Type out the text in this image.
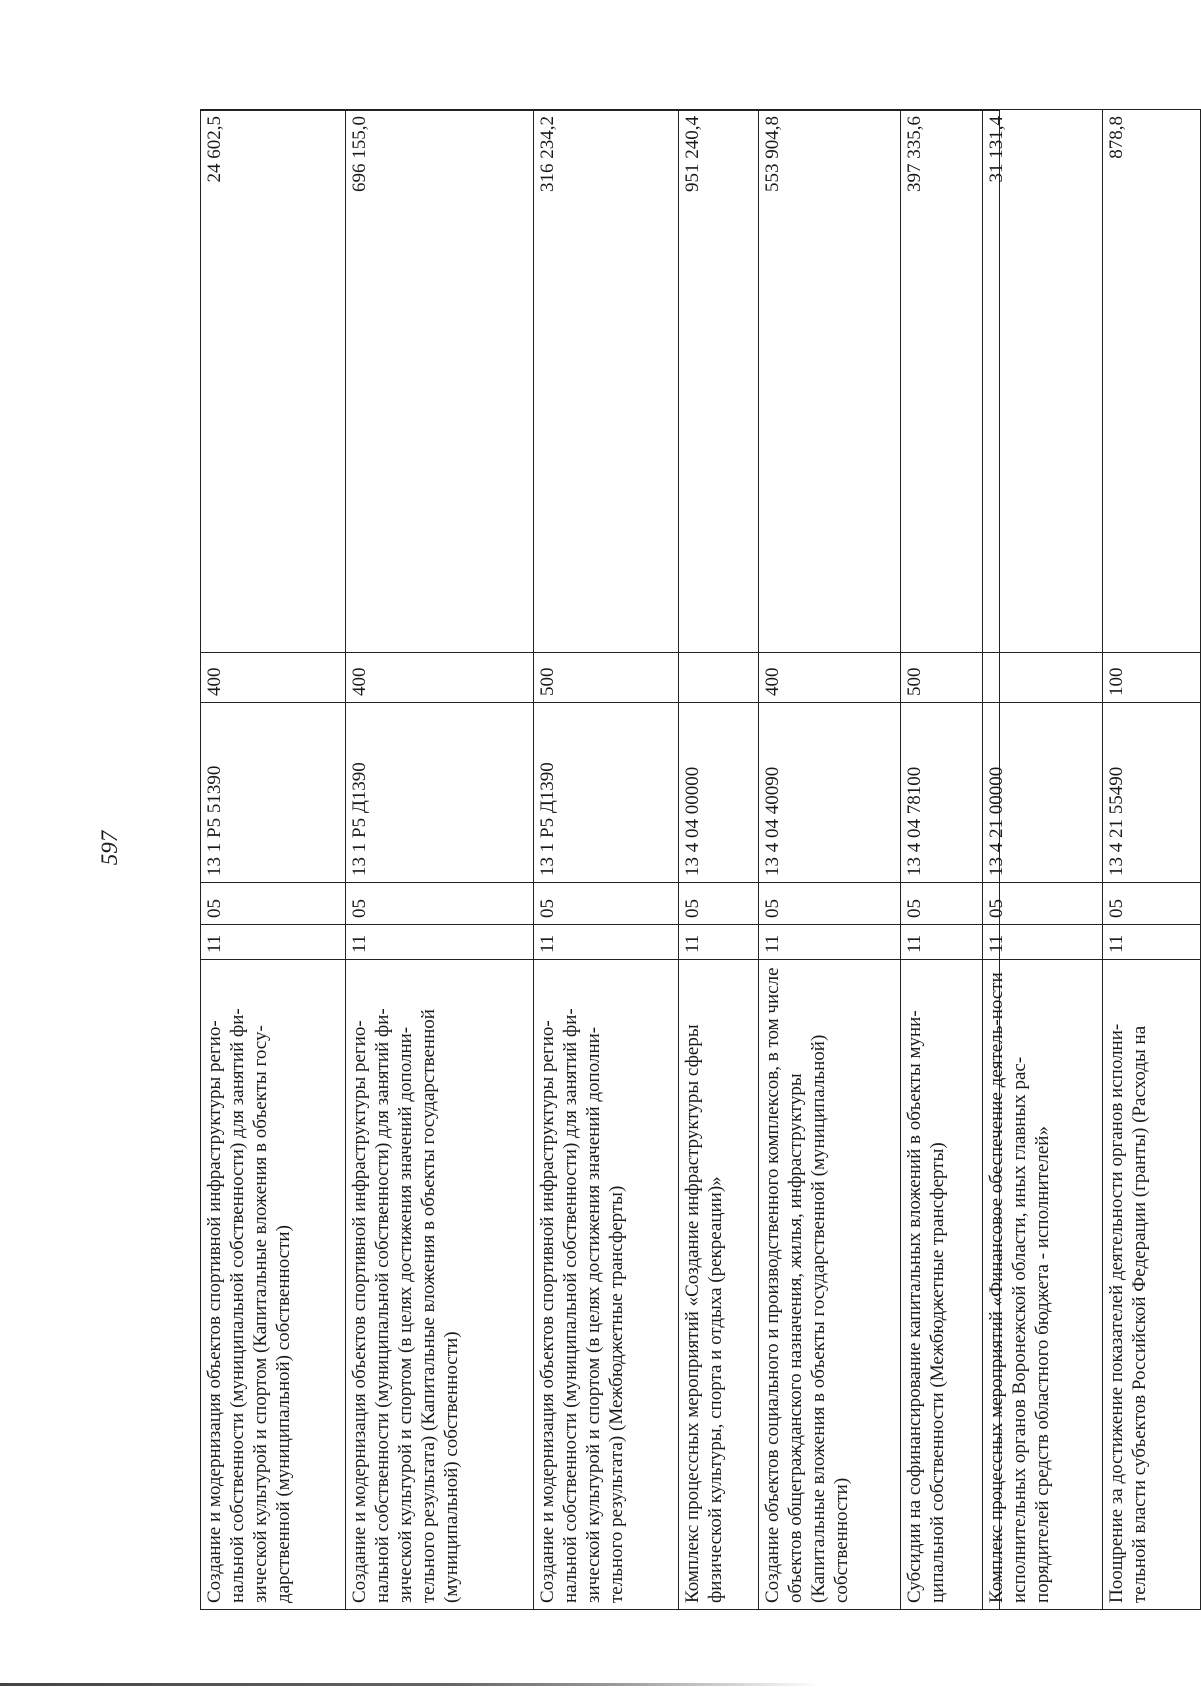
597
Создание и модернизация объектов спортивной инфраструктуры регио-нальной собственности (муниципальной собственности) для занятий фи-зической культурой и спортом (Капитальные вложения в объекты госу-дарственной (муниципальной) собственности)	11	05	13 1 P5 51390	400	24 602,5
Создание и модернизация объектов спортивной инфраструктуры регио-нальной собственности (муниципальной собственности) для занятий фи-зической культурой и спортом (в целях достижения значений дополни-тельного результата) (Капитальные вложения в объекты государственной (муниципальной) собственности)	11	05	13 1 P5 Д1390	400	696 155,0
Создание и модернизация объектов спортивной инфраструктуры регио-нальной собственности (муниципальной собственности) для занятий фи-зической культурой и спортом (в целях достижения значений дополни-тельного результата) (Межбюджетные трансферты)	11	05	13 1 P5 Д1390	500	316 234,2
Комплекс процессных мероприятий «Создание инфраструктуры сферы физической культуры, спорта и отдыха (рекреации)»	11	05	13 4 04 00000		951 240,4
Создание объектов социального и производственного комплексов, в том числе объектов общегражданского назначения, жилья, инфраструктуры (Капитальные вложения в объекты государственной (муниципальной) собственности)	11	05	13 4 04 40090	400	553 904,8
Субсидии на софинансирование капитальных вложений в объекты муни-ципальной собственности (Межбюджетные трансферты)	11	05	13 4 04 78100	500	397 335,6
Комплекс процессных мероприятий «Финансовое обеспечение деятель-ности исполнительных органов Воронежской области, иных главных рас-порядителей средств областного бюджета - исполнителей»	11	05	13 4 21 00000		31 131,4
Поощрение за достижение показателей деятельности органов исполни-тельной власти субъектов Российской Федерации (гранты) (Расходы на	11	05	13 4 21 55490	100	878,8
